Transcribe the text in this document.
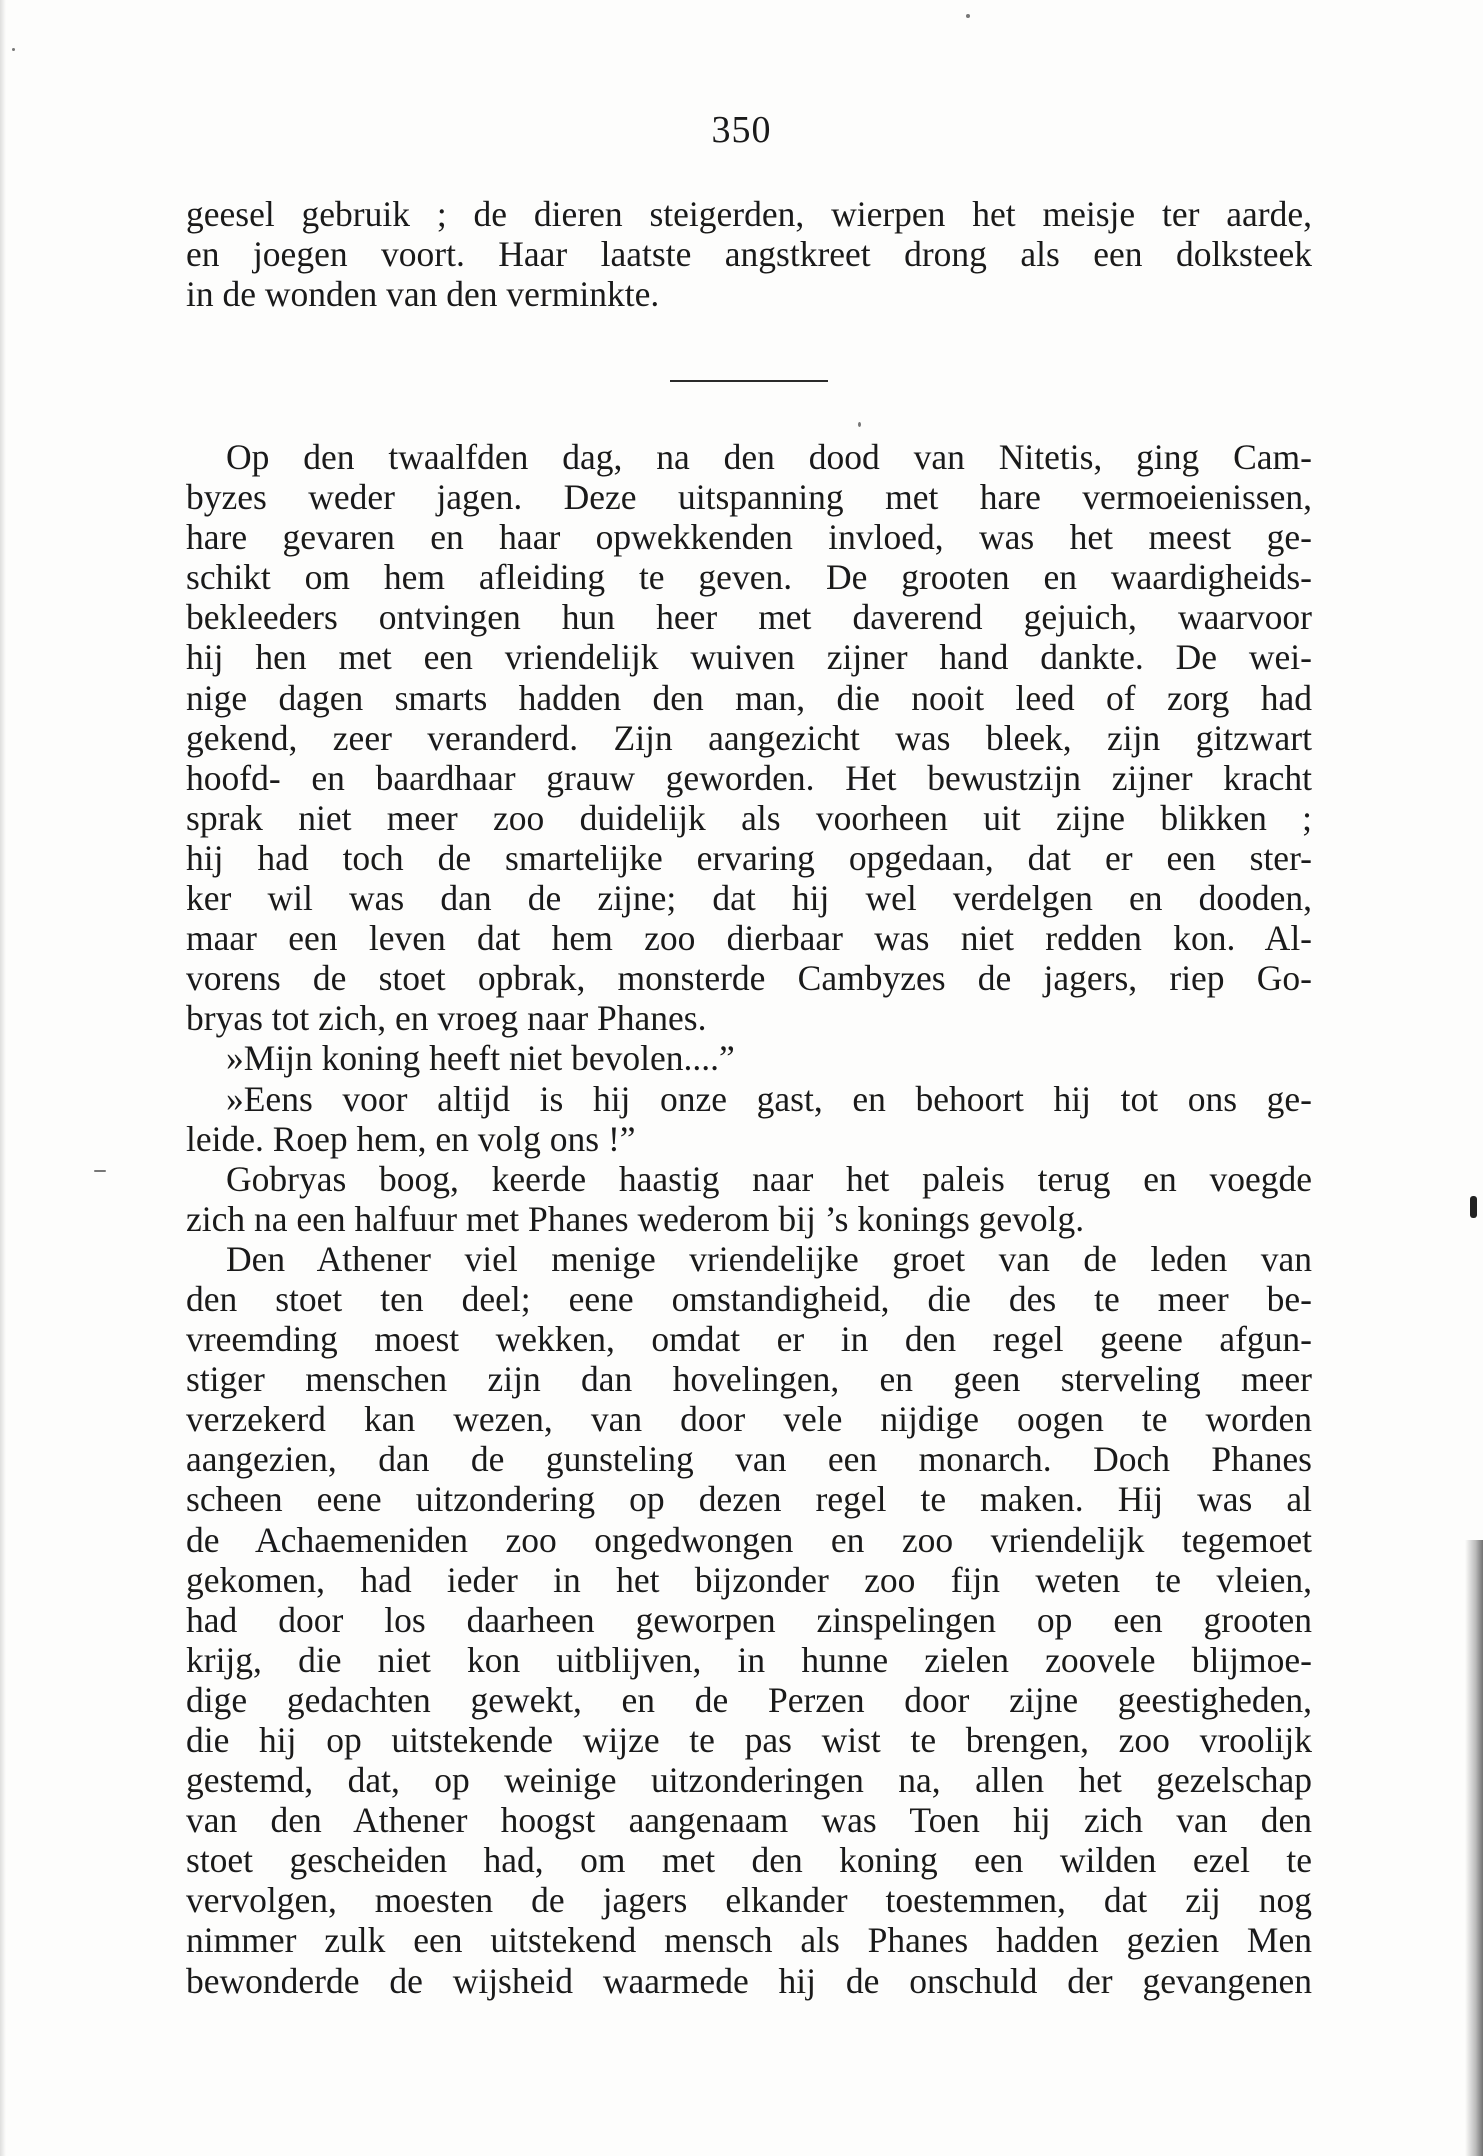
350
geesel gebruik ; de dieren steigerden, wierpen het meisje ter aarde,
en joegen voort. Haar laatste angstkreet drong als een dolksteek
in de wonden van den verminkte.
Op den twaalfden dag, na den dood van Nitetis, ging Cam-
byzes weder jagen. Deze uitspanning met hare vermoeienissen,
hare gevaren en haar opwekkenden invloed, was het meest ge-
schikt om hem afleiding te geven. De grooten en waardigheids-
bekleeders ontvingen hun heer met daverend gejuich, waarvoor
hij hen met een vriendelijk wuiven zijner hand dankte. De wei-
nige dagen smarts hadden den man, die nooit leed of zorg had
gekend, zeer veranderd. Zijn aangezicht was bleek, zijn gitzwart
hoofd- en baardhaar grauw geworden. Het bewustzijn zijner kracht
sprak niet meer zoo duidelijk als voorheen uit zijne blikken ;
hij had toch de smartelijke ervaring opgedaan, dat er een ster-
ker wil was dan de zijne; dat hij wel verdelgen en dooden,
maar een leven dat hem zoo dierbaar was niet redden kon. Al-
vorens de stoet opbrak, monsterde Cambyzes de jagers, riep Go-
bryas tot zich, en vroeg naar Phanes.
»Mijn koning heeft niet bevolen....”
»Eens voor altijd is hij onze gast, en behoort hij tot ons ge-
leide. Roep hem, en volg ons !”
Gobryas boog, keerde haastig naar het paleis terug en voegde
zich na een halfuur met Phanes wederom bij ’s konings gevolg.
Den Athener viel menige vriendelijke groet van de leden van
den stoet ten deel; eene omstandigheid, die des te meer be-
vreemding moest wekken, omdat er in den regel geene afgun-
stiger menschen zijn dan hovelingen, en geen sterveling meer
verzekerd kan wezen, van door vele nijdige oogen te worden
aangezien, dan de gunsteling van een monarch. Doch Phanes
scheen eene uitzondering op dezen regel te maken. Hij was al
de Achaemeniden zoo ongedwongen en zoo vriendelijk tegemoet
gekomen, had ieder in het bijzonder zoo fijn weten te vleien,
had door los daarheen geworpen zinspelingen op een grooten
krijg, die niet kon uitblijven, in hunne zielen zoovele blijmoe-
dige gedachten gewekt, en de Perzen door zijne geestigheden,
die hij op uitstekende wijze te pas wist te brengen, zoo vroolijk
gestemd, dat, op weinige uitzonderingen na, allen het gezelschap
van den Athener hoogst aangenaam was Toen hij zich van den
stoet gescheiden had, om met den koning een wilden ezel te
vervolgen, moesten de jagers elkander toestemmen, dat zij nog
nimmer zulk een uitstekend mensch als Phanes hadden gezien Men
bewonderde de wijsheid waarmede hij de onschuld der gevangenen
